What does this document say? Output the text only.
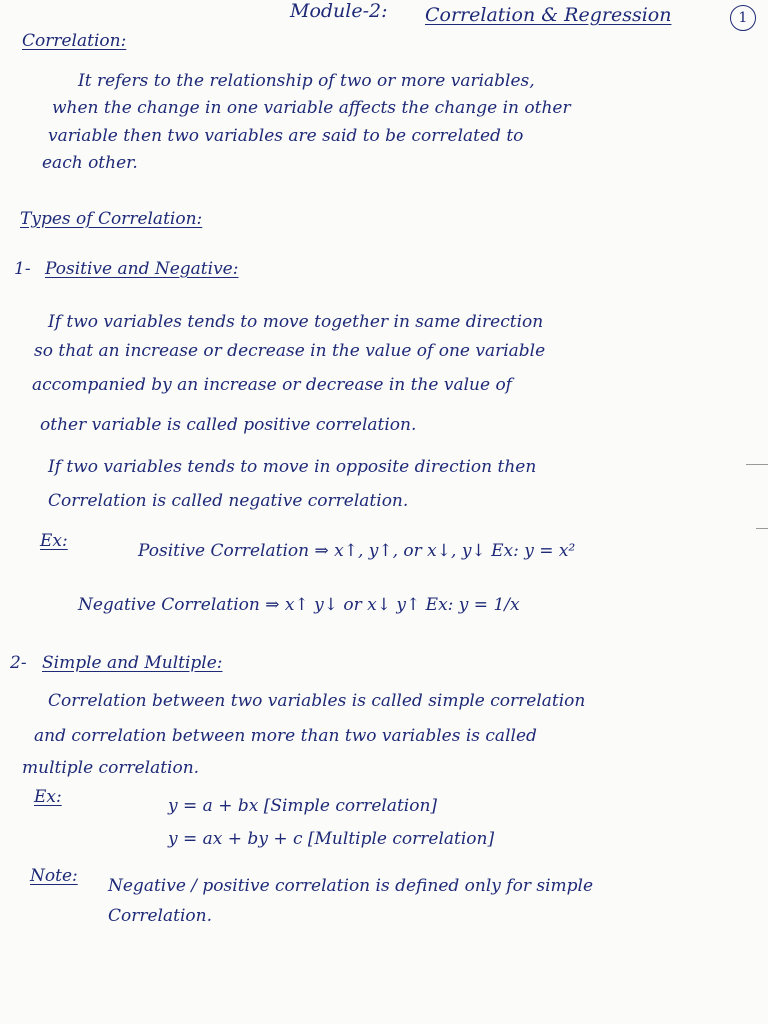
Module-2: Correlation & Regression	1
Correlation:
It refers to the relationship of two or more variables,
when the change in one variable affects the change in other
variable then two variables are said to be correlated to
each other.
Types of Correlation:
1- Positive and Negative:
If two variables tends to move together in same direction
so that an increase or decrease in the value of one variable
accompanied by an increase or decrease in the value of
other variable is called positive correlation.
If two variables tends to move in opposite direction then
Correlation is called negative correlation.
Ex:	Positive Correlation ⇒ x↑, y↑, or x↓, y↓ Ex: y = x²
Negative Correlation ⇒ x↑ y↓ or x↓ y↑ Ex: y = 1/x
2- Simple and Multiple:
Correlation between two variables is called simple correlation
and correlation between more than two variables is called
multiple correlation.
Ex:	y = a + bx [Simple correlation]
y = ax + by + c [Multiple correlation]
Note: Negative / positive correlation is defined only for simple
Correlation.
